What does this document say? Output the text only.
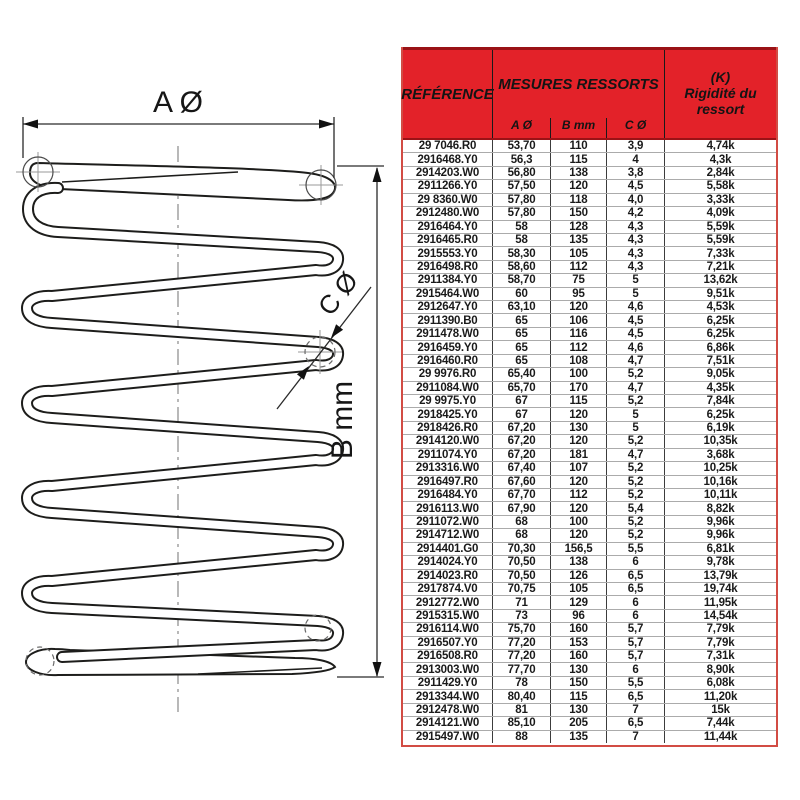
A Ø
B mm
C Ø
RÉFÉRENCE
MESURES RESSORTS	(K)
Rigidité du
ressort
A Ø	B mm	C Ø
29 7046.R0	53,70	110	3,9	4,74k
2916468.Y0	56,3	115	4	4,3k
2914203.W0	56,80	138	3,8	2,84k
2911266.Y0	57,50	120	4,5	5,58k
29 8360.W0	57,80	118	4,0	3,33k
2912480.W0	57,80	150	4,2	4,09k
2916464.Y0	58	128	4,3	5,59k
2916465.R0	58	135	4,3	5,59k
2915553.Y0	58,30	105	4,3	7,33k
2916498.R0	58,60	112	4,3	7,21k
2911384.Y0	58,70	75	5	13,62k
2915464.W0	60	95	5	9,51k
2912647.Y0	63,10	120	4,6	4,53k
2911390.B0	65	106	4,5	6,25k
2911478.W0	65	116	4,5	6,25k
2916459.Y0	65	112	4,6	6,86k
2916460.R0	65	108	4,7	7,51k
29 9976.R0	65,40	100	5,2	9,05k
2911084.W0	65,70	170	4,7	4,35k
29 9975.Y0	67	115	5,2	7,84k
2918425.Y0	67	120	5	6,25k
2918426.R0	67,20	130	5	6,19k
2914120.W0	67,20	120	5,2	10,35k
2911074.Y0	67,20	181	4,7	3,68k
2913316.W0	67,40	107	5,2	10,25k
2916497.R0	67,60	120	5,2	10,16k
2916484.Y0	67,70	112	5,2	10,11k
2916113.W0	67,90	120	5,4	8,82k
2911072.W0	68	100	5,2	9,96k
2914712.W0	68	120	5,2	9,96k
2914401.G0	70,30	156,5	5,5	6,81k
2914024.Y0	70,50	138	6	9,78k
2914023.R0	70,50	126	6,5	13,79k
2917874.V0	70,75	105	6,5	19,74k
2912772.W0	71	129	6	11,95k
2915315.W0	73	96	6	14,54k
2916114.W0	75,70	160	5,7	7,79k
2916507.Y0	77,20	153	5,7	7,79k
2916508.R0	77,20	160	5,7	7,31k
2913003.W0	77,70	130	6	8,90k
2911429.Y0	78	150	5,5	6,08k
2913344.W0	80,40	115	6,5	11,20k
2912478.W0	81	130	7	15k
2914121.W0	85,10	205	6,5	7,44k
2915497.W0	88	135	7	11,44k
